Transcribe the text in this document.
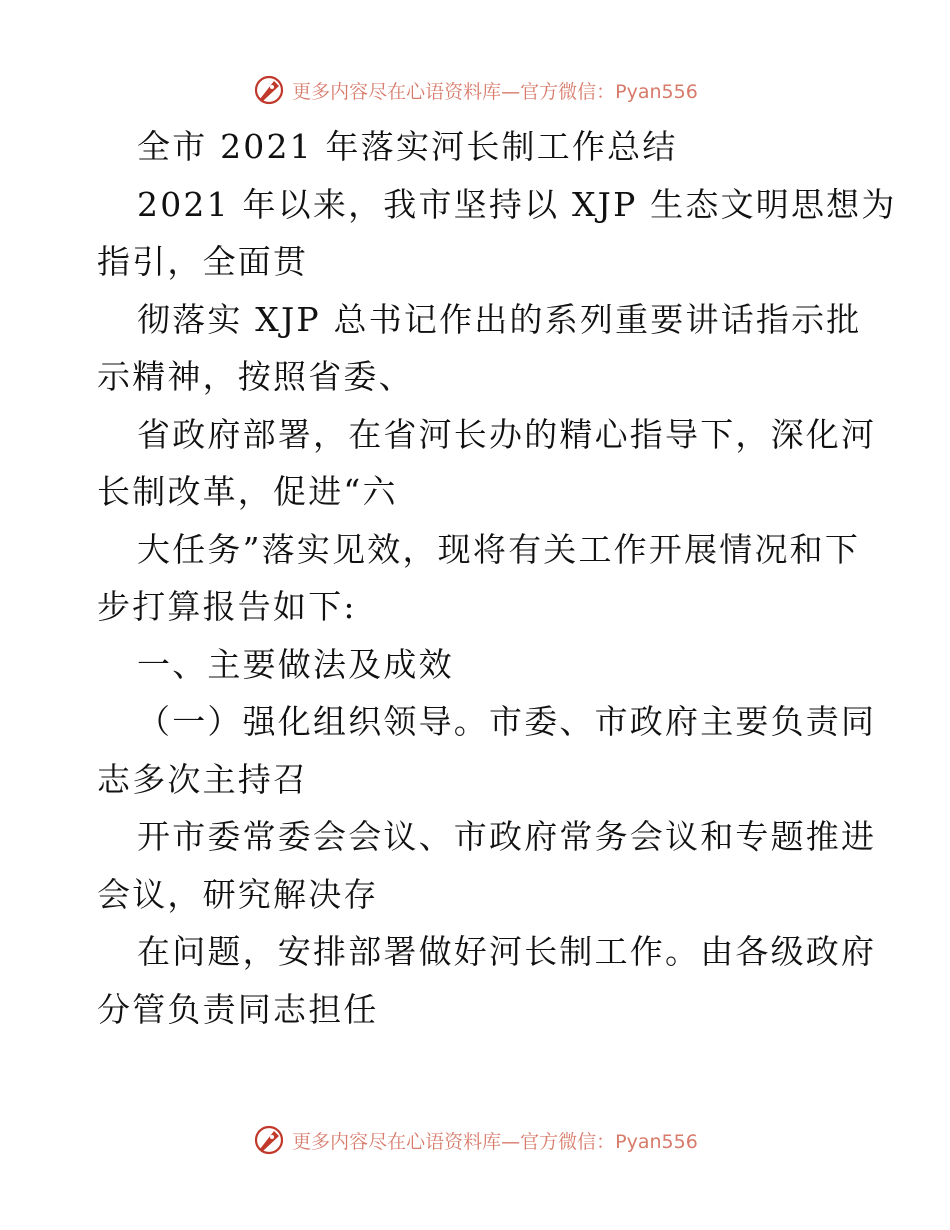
更多内容尽在心语资料库—官方微信：Pyan556
全市 2021 年落实河长制工作总结
2021 年以来，我市坚持以 XJP 生态文明思想为
指引，全面贯
彻落实 XJP 总书记作出的系列重要讲话指示批
示精神，按照省委、
省政府部署，在省河长办的精心指导下，深化河
长制改革，促进“六
大任务”落实见效，现将有关工作开展情况和下
步打算报告如下:
一、主要做法及成效
（一）强化组织领导。市委、市政府主要负责同
志多次主持召
开市委常委会会议、市政府常务会议和专题推进
会议，研究解决存
在问题，安排部署做好河长制工作。由各级政府
分管负责同志担任
更多内容尽在心语资料库—官方微信：Pyan556
